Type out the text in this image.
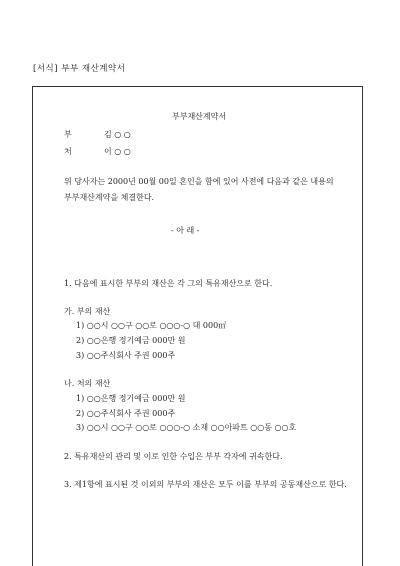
[서식] 부부 재산계약서
부부재산계약서
부	김 ○ ○
처	이 ○ ○
위 당사자는 2000년 00월 00일 혼인을 함에 있어 사전에 다음과 같은 내용의
부부재산계약을 체결한다.
- 아 래 -
1. 다음에 표시한 부부의 재산은 각 그의 특유재산으로 한다.
가. 부의 재산
1) ○○시 ○○구 ○○로 ○○○-○ 대 000㎡
2) ○○은행 정기예금 000만 원
3) ○○주식회사 주권 000주
나. 처의 재산
1) ○○은행 정기예금 000만 원
2) ○○주식회사 주권 000주
3) ○○시 ○○구 ○○로 ○○○-○ 소재 ○○아파트 ○○동 ○○호
2. 특유재산의 관리 및 이로 인한 수입은 부부 각자에 귀속한다.
3. 제1항에 표시된 것 이외의 부부의 재산은 모두 이를 부부의 공동재산으로 한다.
